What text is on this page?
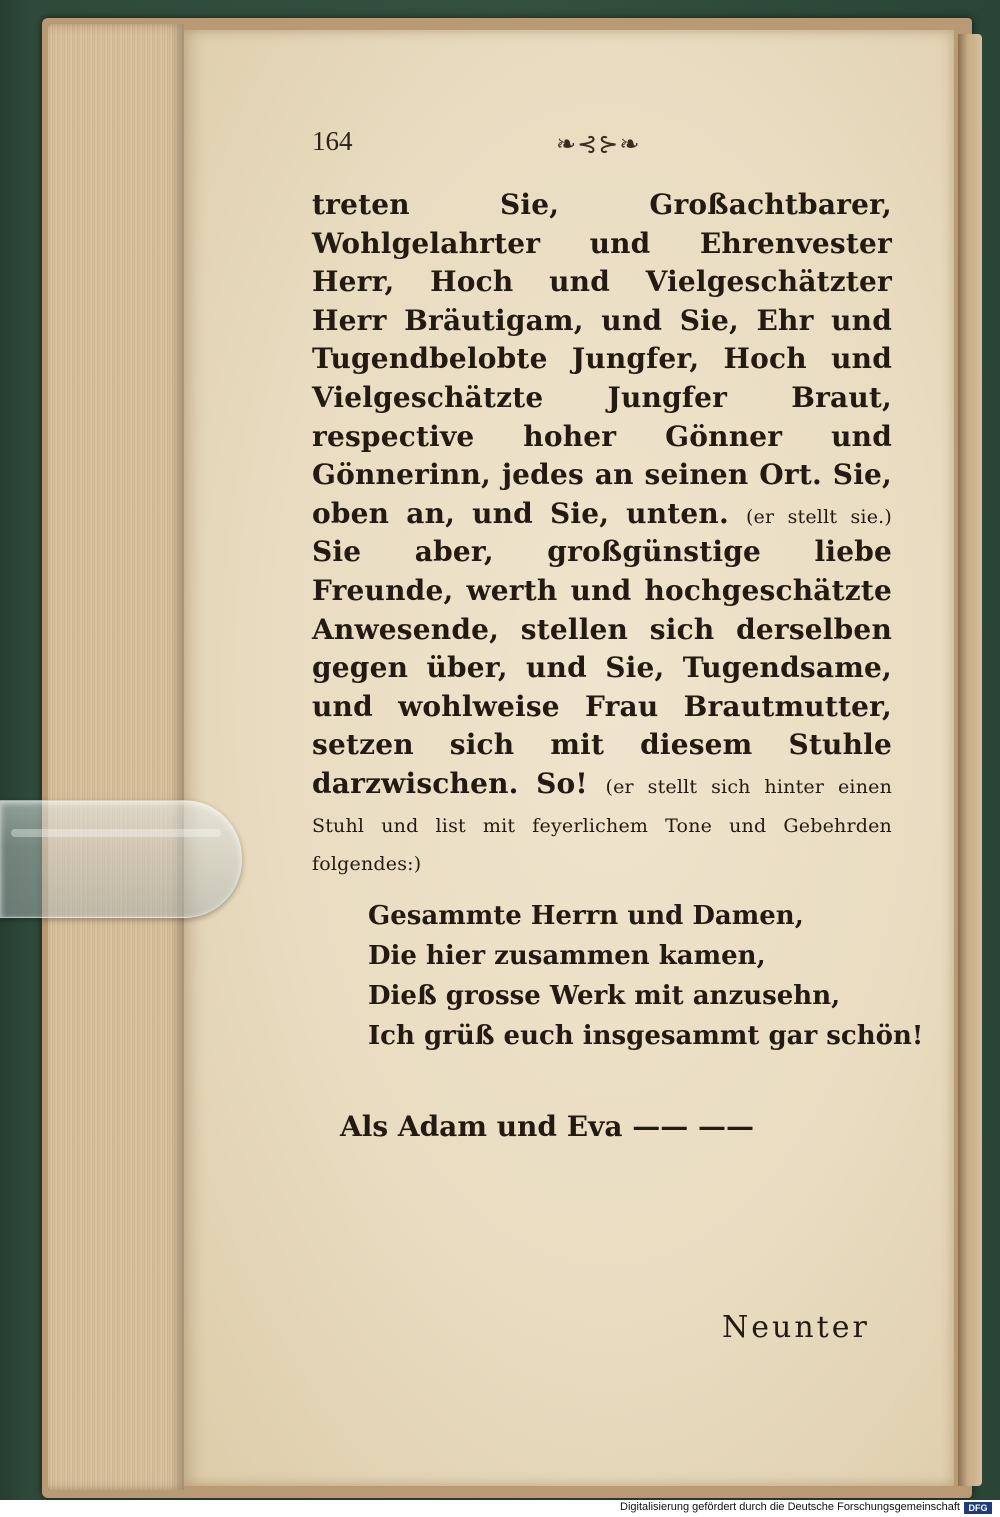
164	❧⊰⊱❧
treten Sie, Großachtbarer, Wohlgelahrter und Ehrenvester Herr, Hoch und Vielgeschätzter Herr Bräutigam, und Sie, Ehr und Tugendbelobte Jungfer, Hoch und Vielgeschätzte Jungfer Braut, respective hoher Gönner und Gönnerinn, jedes an seinen Ort. Sie, oben an, und Sie, unten. (er stellt sie.) Sie aber, großgünstige liebe Freunde, werth und hochgeschätzte Anwesende, stellen sich derselben gegen über, und Sie, Tugendsame, und wohlweise Frau Brautmutter, setzen sich mit diesem Stuhle darzwischen. So! (er stellt sich hinter einen Stuhl und list mit feyerlichem Tone und Gebehrden folgendes:)
Gesammte Herrn und Damen,
Die hier zusammen kamen,
Dieß grosse Werk mit anzusehn,
Ich grüß euch insgesammt gar schön!
Als Adam und Eva —— ——
Neunter
Digitalisierung gefördert durch die Deutsche Forschungsgemeinschaft DFG
